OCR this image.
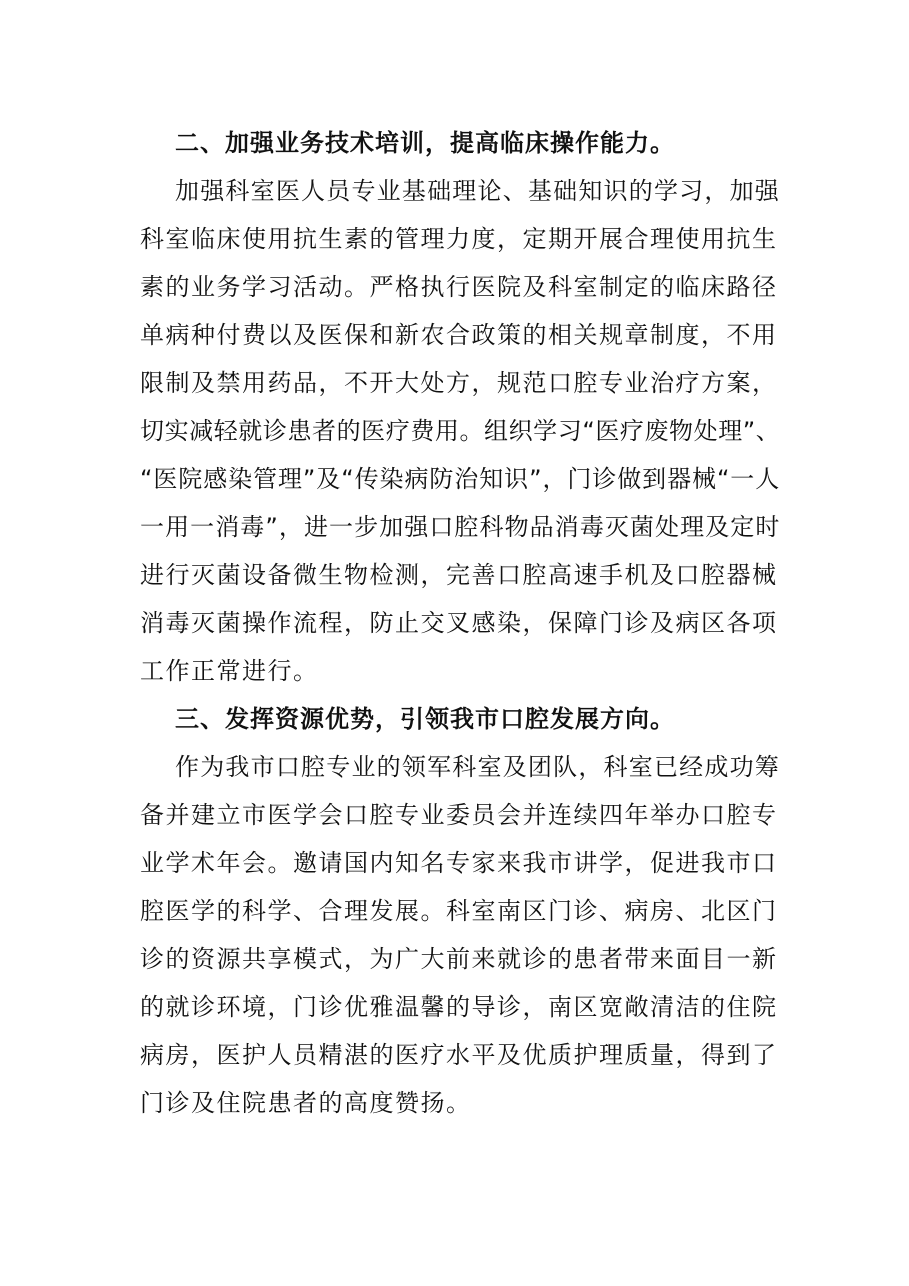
二、加强业务技术培训，提高临床操作能力。
加强科室医人员专业基础理论、基础知识的学习，加强
科室临床使用抗生素的管理力度，定期开展合理使用抗生
素的业务学习活动。严格执行医院及科室制定的临床路径
单病种付费以及医保和新农合政策的相关规章制度，不用
限制及禁用药品，不开大处方，规范口腔专业治疗方案，
切实减轻就诊患者的医疗费用。组织学习“医疗废物处理”、
“医院感染管理”及“传染病防治知识”，门诊做到器械“一人
一用一消毒”，进一步加强口腔科物品消毒灭菌处理及定时
进行灭菌设备微生物检测，完善口腔高速手机及口腔器械
消毒灭菌操作流程，防止交叉感染，保障门诊及病区各项
工作正常进行。
三、发挥资源优势，引领我市口腔发展方向。
作为我市口腔专业的领军科室及团队，科室已经成功筹
备并建立市医学会口腔专业委员会并连续四年举办口腔专
业学术年会。邀请国内知名专家来我市讲学，促进我市口
腔医学的科学、合理发展。科室南区门诊、病房、北区门
诊的资源共享模式，为广大前来就诊的患者带来面目一新
的就诊环境，门诊优雅温馨的导诊，南区宽敞清洁的住院
病房，医护人员精湛的医疗水平及优质护理质量，得到了
门诊及住院患者的高度赞扬。
